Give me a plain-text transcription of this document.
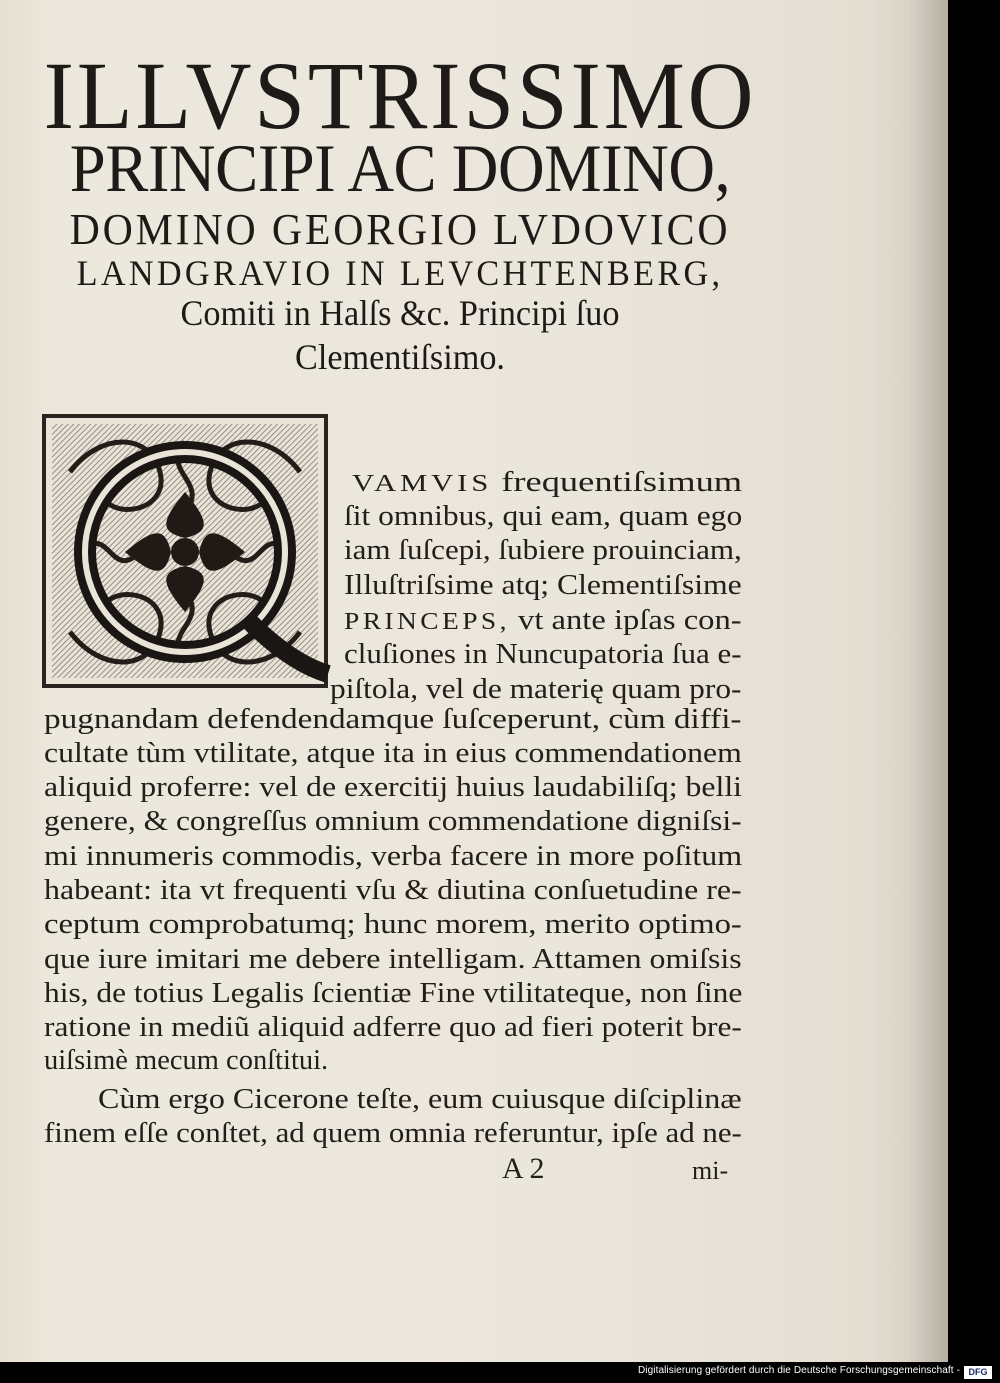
ILLVSTRISSIMO
PRINCIPI AC DOMINO,
DOMINO GEORGIO LVDOVICO
LANDGRAVIO IN LEVCHTENBERG,
Comiti in Halſs &c. Principi ſuo
Clementiſsimo.
VAMVIS frequentiſsimum
ſit omnibus, qui eam, quam ego
iam ſuſcepi, ſubiere prouinciam,
Illuſtriſsime atq; Clementiſsime
PRINCEPS, vt ante ipſas con-
cluſiones in Nuncupatoria ſua e-
piſtola, vel de materię quam pro-
pugnandam defendendamque ſuſceperunt, cùm diffi-
cultate tùm vtilitate, atque ita in eius commendationem
aliquid proferre: vel de exercitij huius laudabiliſq; belli
genere, & congreſſus omnium commendatione digniſsi-
mi innumeris commodis, verba facere in more poſitum
habeant: ita vt frequenti vſu & diutina conſuetudine re-
ceptum comprobatumq; hunc morem, merito optimo-
que iure imitari me debere intelligam. Attamen omiſsis
his, de totius Legalis ſcientiæ Fine vtilitateque, non ſine
ratione in mediũ aliquid adferre quo ad fieri poterit bre-
uiſsimè mecum conſtitui.
Cùm ergo Cicerone teſte, eum cuiusque diſciplinæ
finem eſſe conſtet, ad quem omnia referuntur, ipſe ad ne-
A 2	mi-
Digitalisierung gefördert durch die Deutsche Forschungsgemeinschaft - DFG
